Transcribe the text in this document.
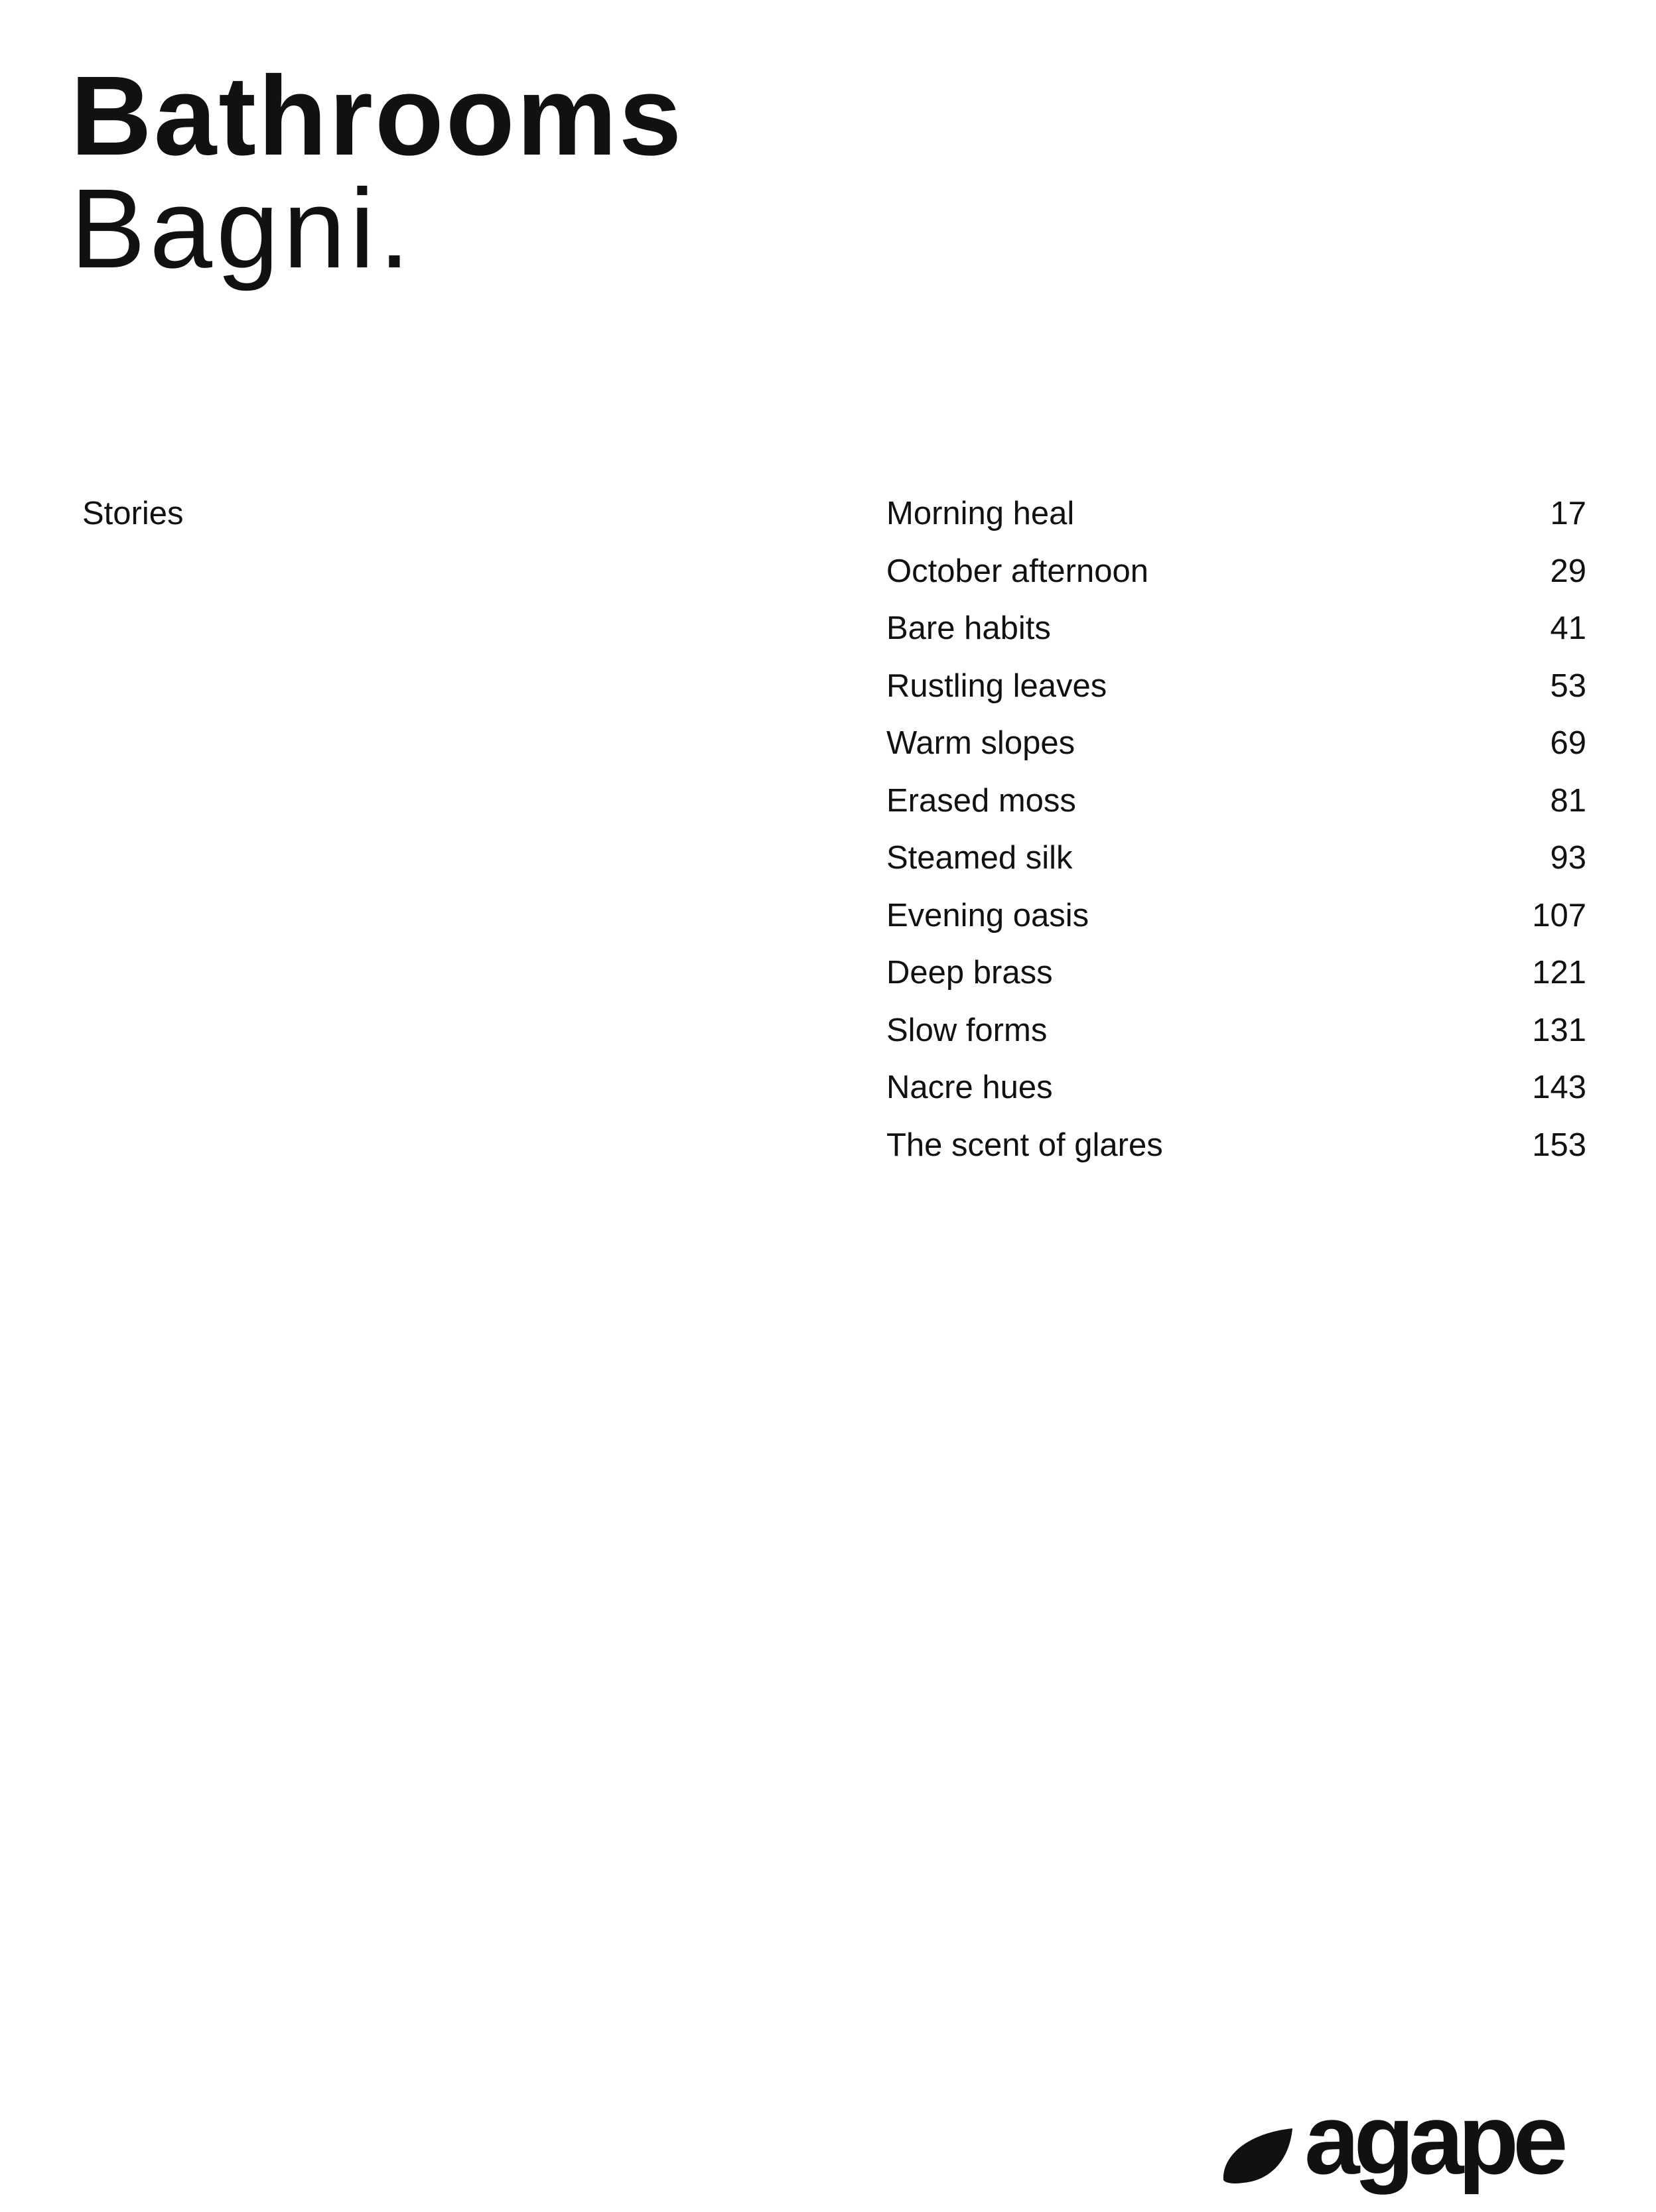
Bathrooms
Bagni.
Stories	Morning heal	17
October afternoon	29
Bare habits	41
Rustling leaves	53
Warm slopes	69
Erased moss	81
Steamed silk	93
Evening oasis	107
Deep brass	121
Slow forms	131
Nacre hues	143
The scent of glares	153
agape
